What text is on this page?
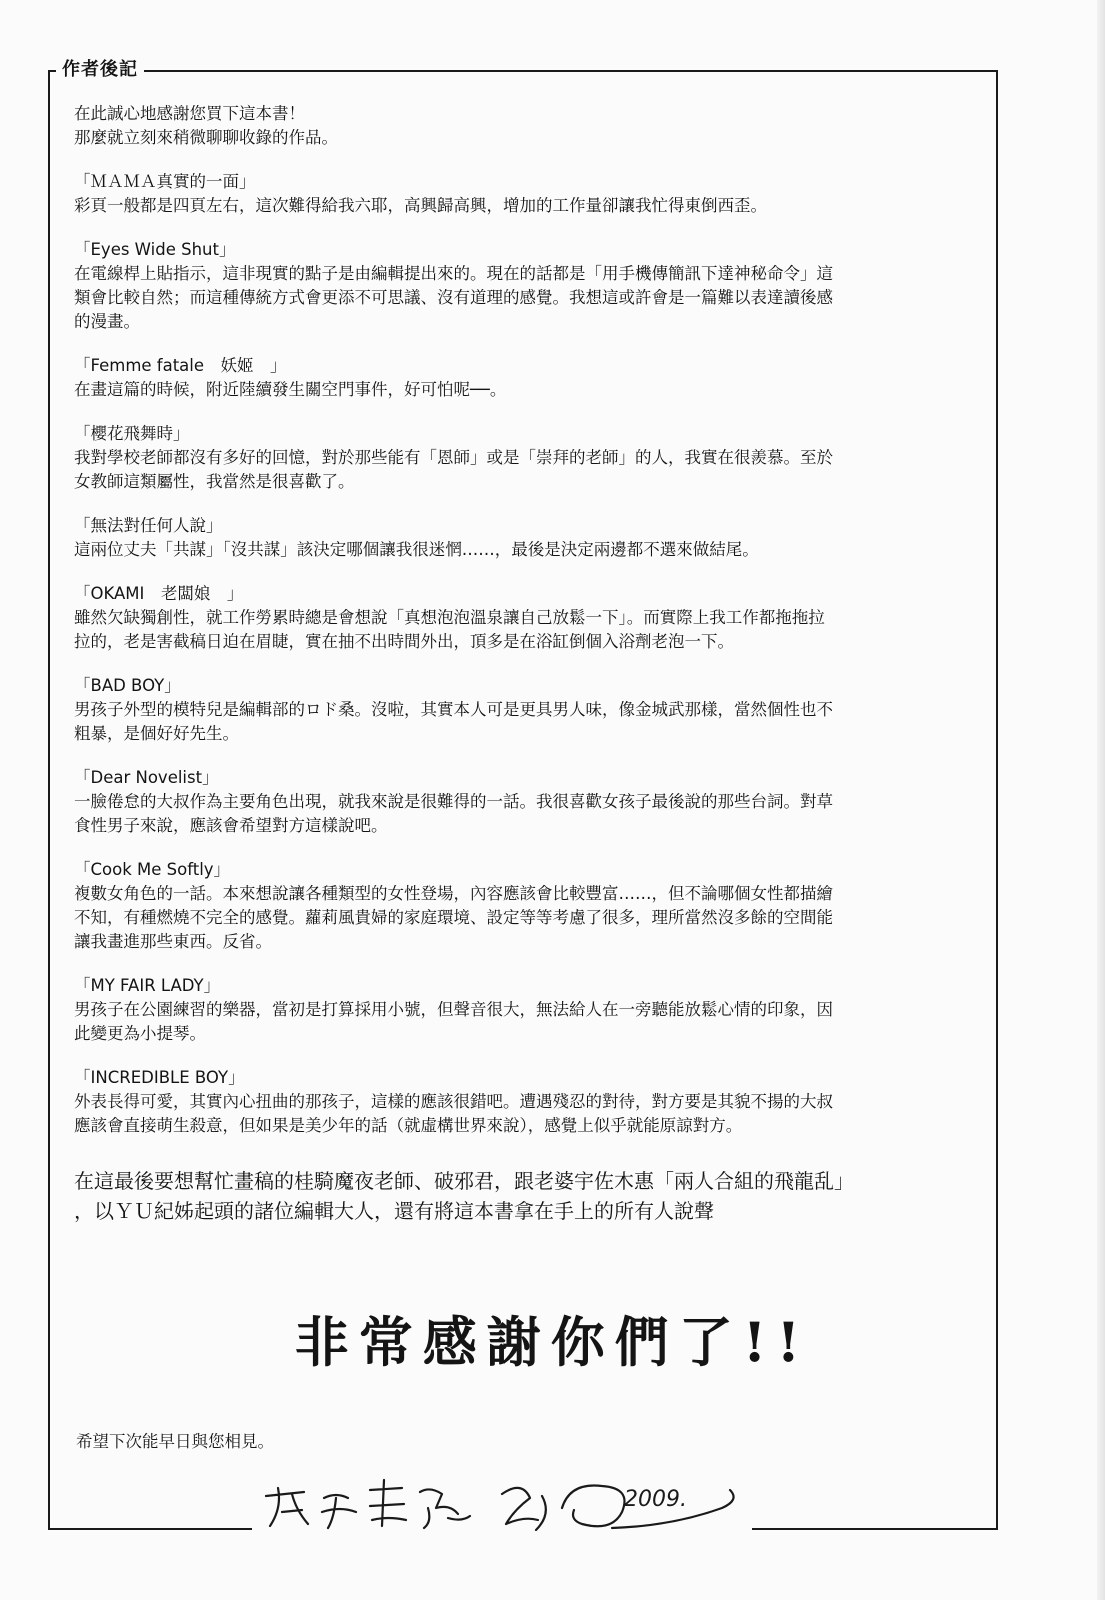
作者後記
在此誠心地感謝您買下這本書！
那麼就立刻來稍微聊聊收錄的作品。
「ＭＡＭＡ真實的一面」
彩頁一般都是四頁左右，這次難得給我六耶，高興歸高興，增加的工作量卻讓我忙得東倒西歪。
「Eyes Wide Shut」
在電線桿上貼指示，這非現實的點子是由編輯提出來的。現在的話都是「用手機傳簡訊下達神秘命令」這
類會比較自然；而這種傳統方式會更添不可思議、沒有道理的感覺。我想這或許會是一篇難以表達讀後感
的漫畫。
「Femme fatale　妖姬　」
在畫這篇的時候，附近陸續發生關空門事件，好可怕呢──。
「櫻花飛舞時」
我對學校老師都沒有多好的回憶，對於那些能有「恩師」或是「崇拜的老師」的人，我實在很羨慕。至於
女教師這類屬性，我當然是很喜歡了。
「無法對任何人說」
這兩位丈夫「共謀」「沒共謀」該決定哪個讓我很迷惘……，最後是決定兩邊都不選來做結尾。
「OKAMI　老闆娘　」
雖然欠缺獨創性，就工作勞累時總是會想說「真想泡泡溫泉讓自己放鬆一下」。而實際上我工作都拖拖拉
拉的，老是害截稿日迫在眉睫，實在抽不出時間外出，頂多是在浴缸倒個入浴劑老泡一下。
「BAD BOY」
男孩子外型的模特兒是編輯部的ロド桑。沒啦，其實本人可是更具男人味，像金城武那樣，當然個性也不
粗暴，是個好好先生。
「Dear Novelist」
一臉倦怠的大叔作為主要角色出現，就我來說是很難得的一話。我很喜歡女孩子最後說的那些台詞。對草
食性男子來說，應該會希望對方這樣說吧。
「Cook Me Softly」
複數女角色的一話。本來想說讓各種類型的女性登場，內容應該會比較豐富……，但不論哪個女性都描繪
不知，有種燃燒不完全的感覺。蘿莉風貴婦的家庭環境、設定等等考慮了很多，理所當然沒多餘的空間能
讓我畫進那些東西。反省。
「MY FAIR LADY」
男孩子在公園練習的樂器，當初是打算採用小號，但聲音很大，無法給人在一旁聽能放鬆心情的印象，因
此變更為小提琴。
「INCREDIBLE BOY」
外表長得可愛，其實內心扭曲的那孩子，這樣的應該很錯吧。遭遇殘忍的對待，對方要是其貌不揚的大叔
應該會直接萌生殺意，但如果是美少年的話（就虛構世界來說），感覺上似乎就能原諒對方。
在這最後要想幫忙畫稿的桂騎魔夜老師、破邪君，跟老婆宇佐木惠「兩人合組的飛龍乱」
，以ＹＵ紀姊起頭的諸位編輯大人，還有將這本書拿在手上的所有人說聲
非常感謝你們了!!
希望下次能早日與您相見。
2009.
